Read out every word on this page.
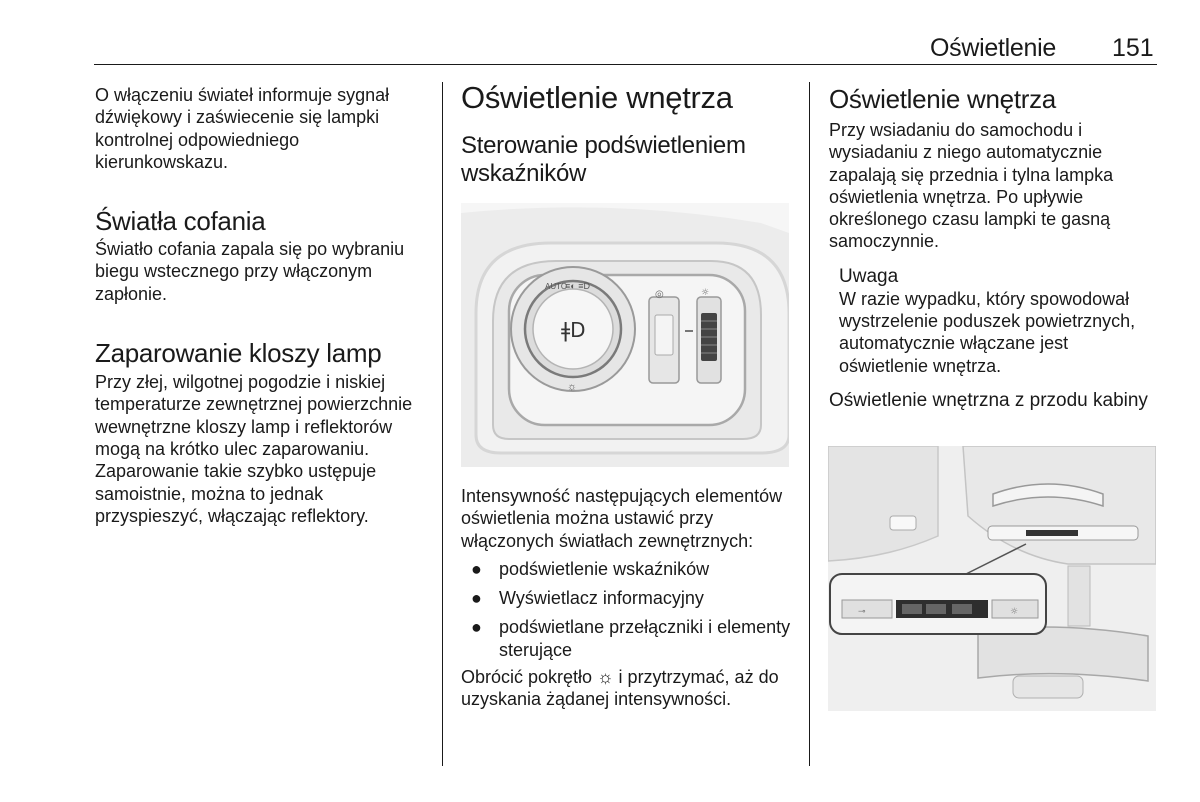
Oświetlenie 151

O włączeniu świateł informuje sygnał dźwiękowy i zaświecenie się lampki kontrolnej odpowiedniego kierunkowskazu.

Światła cofania

Światło cofania zapala się po wybraniu biegu wstecznego przy włączonym zapłonie.

Zaparowanie kloszy lamp

Przy złej, wilgotnej pogodzie i niskiej temperaturze zewnętrznej powierzchnie wewnętrzne kloszy lamp i reflektorów mogą na krótko ulec zaparowaniu. Zaparowanie takie szybko ustępuje samoistnie, można to jednak przyspieszyć, włączając reflektory.

Oświetlenie wnętrza
Sterowanie podświetleniem wskaźników
AUTO
≡◐ ≡D
☼
ǂD
◎	☼

Intensywność następujących elementów oświetlenia można ustawić przy włączonych światłach zewnętrznych:

● podświetlenie wskaźników
● Wyświetlacz informacyjny
● podświetlane przełączniki i elementy sterujące

Obrócić pokrętło ☼ i przytrzymać, aż do uzyskania żądanej intensywności.

Oświetlenie wnętrza

Przy wsiadaniu do samochodu i wysiadaniu z niego automatycznie zapalają się przednia i tylna lampka oświetlenia wnętrza. Po upływie określonego czasu lampki te gasną samoczynnie.

Uwaga

W razie wypadku, który spowodował wystrzelenie poduszek powietrznych, automatycznie włączane jest oświetlenie wnętrza.

Oświetlenie wnętrzna z przodu kabiny
⊸	☼
